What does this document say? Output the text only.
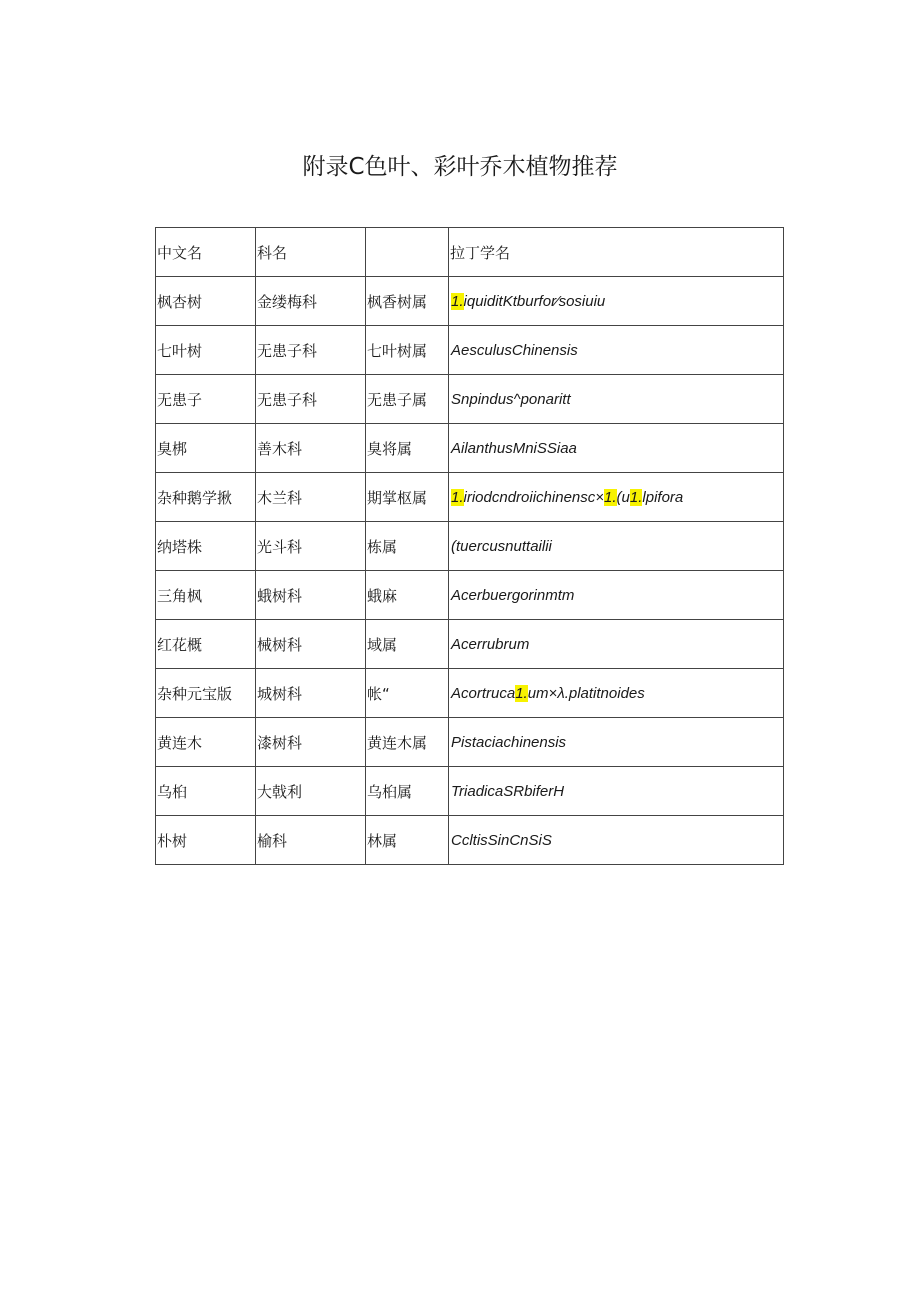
附录C色叶、彩叶乔木植物推荐
中文名	科名		拉丁学名
枫杏树	金缕梅科	枫香树属	1.iquiditKtburfor⁄sosiuiu
七叶树	无患子科	七叶树属	AesculusChinensis
无患子	无患子科	无患子属	Snpindus^ponaritt
臭梆	善木科	臭将属	AilanthusMniSSiaa
杂种鹅学揪	木兰科	期掌枢属	1.iriodcndroiichinensc×1.(u1.lpifora
纳塔株	光斗科	栋属	(tuercusnuttailii
三角枫	蛾树科	蛾麻	Acerbuergorinmtm
红花概	械树科	域属	Acerrubrum
杂种元宝版	城树科	帐“	Acortruca1.um×λ.platitnoides
黄连木	漆树科	黄连木属	Pistaciachinensis
乌桕	大戟利	乌桕属	TriadicaSRbiferH
朴树	榆科	林属	CcltisSinCnSiS
